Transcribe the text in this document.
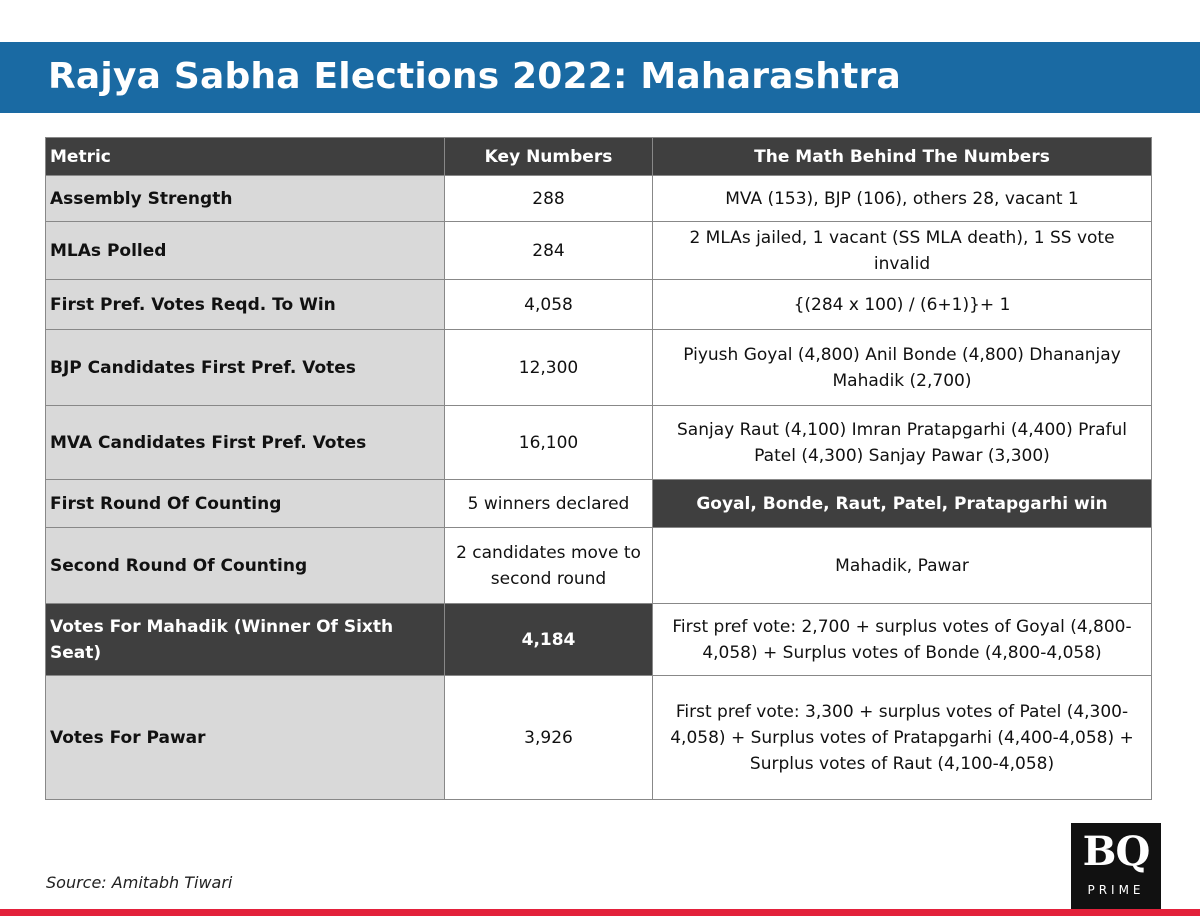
Rajya Sabha Elections 2022: Maharashtra
Metric	Key Numbers	The Math Behind The Numbers
Assembly Strength	288	MVA (153), BJP (106), others 28, vacant 1
MLAs Polled	284	2 MLAs jailed, 1 vacant (SS MLA death), 1 SS vote invalid
First Pref. Votes Reqd. To Win	4,058	{(284 x 100) / (6+1)}+ 1
BJP Candidates First Pref. Votes	12,300	Piyush Goyal (4,800) Anil Bonde (4,800) Dhananjay Mahadik (2,700)
MVA Candidates First Pref. Votes	16,100	Sanjay Raut (4,100) Imran Pratapgarhi (4,400) Praful Patel (4,300) Sanjay Pawar (3,300)
First Round Of Counting	5 winners declared	Goyal, Bonde, Raut, Patel, Pratapgarhi win
Second Round Of Counting	2 candidates move to second round	Mahadik, Pawar
Votes For Mahadik (Winner Of Sixth Seat)	4,184	First pref vote: 2,700 + surplus votes of Goyal (4,800-4,058) + Surplus votes of Bonde (4,800-4,058)
Votes For Pawar	3,926	First pref vote: 3,300 + surplus votes of Patel (4,300-4,058) + Surplus votes of Pratapgarhi (4,400-4,058) + Surplus votes of Raut (4,100-4,058)
Source: Amitabh Tiwari
BQ
PRIME
